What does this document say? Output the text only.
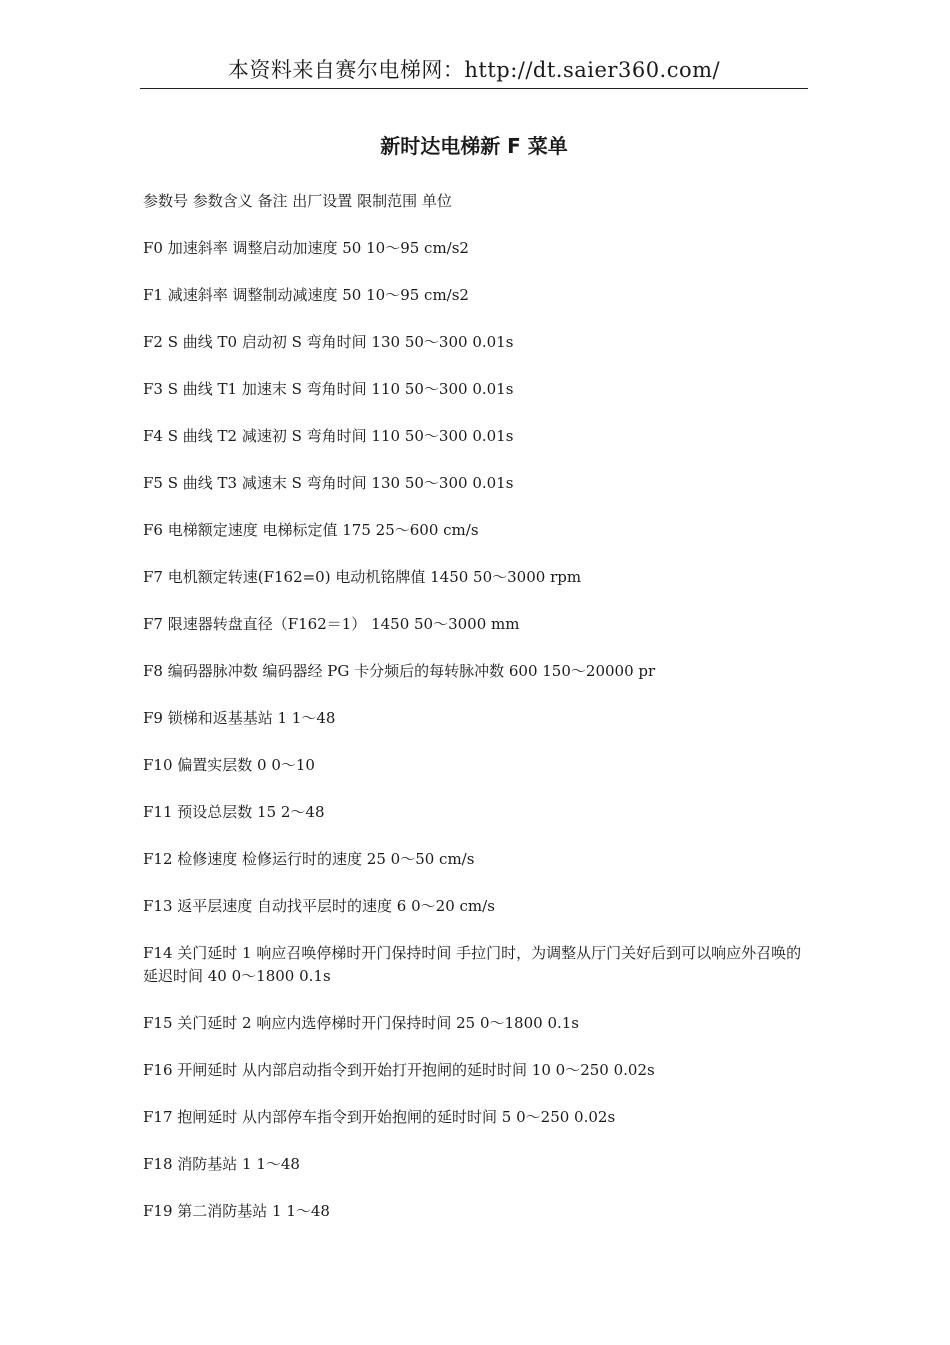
本资料来自赛尔电梯网：http://dt.saier360.com/
新时达电梯新 F 菜单

参数号 参数含义 备注 出厂设置 限制范围 单位

F0 加速斜率 调整启动加速度 50 10～95 cm/s2

F1 减速斜率 调整制动减速度 50 10～95 cm/s2

F2 S 曲线 T0 启动初 S 弯角时间 130 50～300 0.01s

F3 S 曲线 T1 加速末 S 弯角时间 110 50～300 0.01s

F4 S 曲线 T2 减速初 S 弯角时间 110 50～300 0.01s

F5 S 曲线 T3 减速末 S 弯角时间 130 50～300 0.01s

F6 电梯额定速度 电梯标定值 175 25～600 cm/s

F7 电机额定转速(F162=0) 电动机铭牌值 1450 50～3000 rpm

F7 限速器转盘直径（F162＝1） 1450 50～3000 mm

F8 编码器脉冲数 编码器经 PG 卡分频后的每转脉冲数 600 150～20000 pr

F9 锁梯和返基基站 1 1～48

F10 偏置实层数 0 0～10

F11 预设总层数 15 2～48

F12 检修速度 检修运行时的速度 25 0～50 cm/s

F13 返平层速度 自动找平层时的速度 6 0～20 cm/s

F14 关门延时 1 响应召唤停梯时开门保持时间 手拉门时，为调整从厅门关好后到可以响应外召唤的延迟时间 40 0～1800 0.1s

F15 关门延时 2 响应内选停梯时开门保持时间 25 0～1800 0.1s

F16 开闸延时 从内部启动指令到开始打开抱闸的延时时间 10 0～250 0.02s

F17 抱闸延时 从内部停车指令到开始抱闸的延时时间 5 0～250 0.02s

F18 消防基站 1 1～48

F19 第二消防基站 1 1～48
